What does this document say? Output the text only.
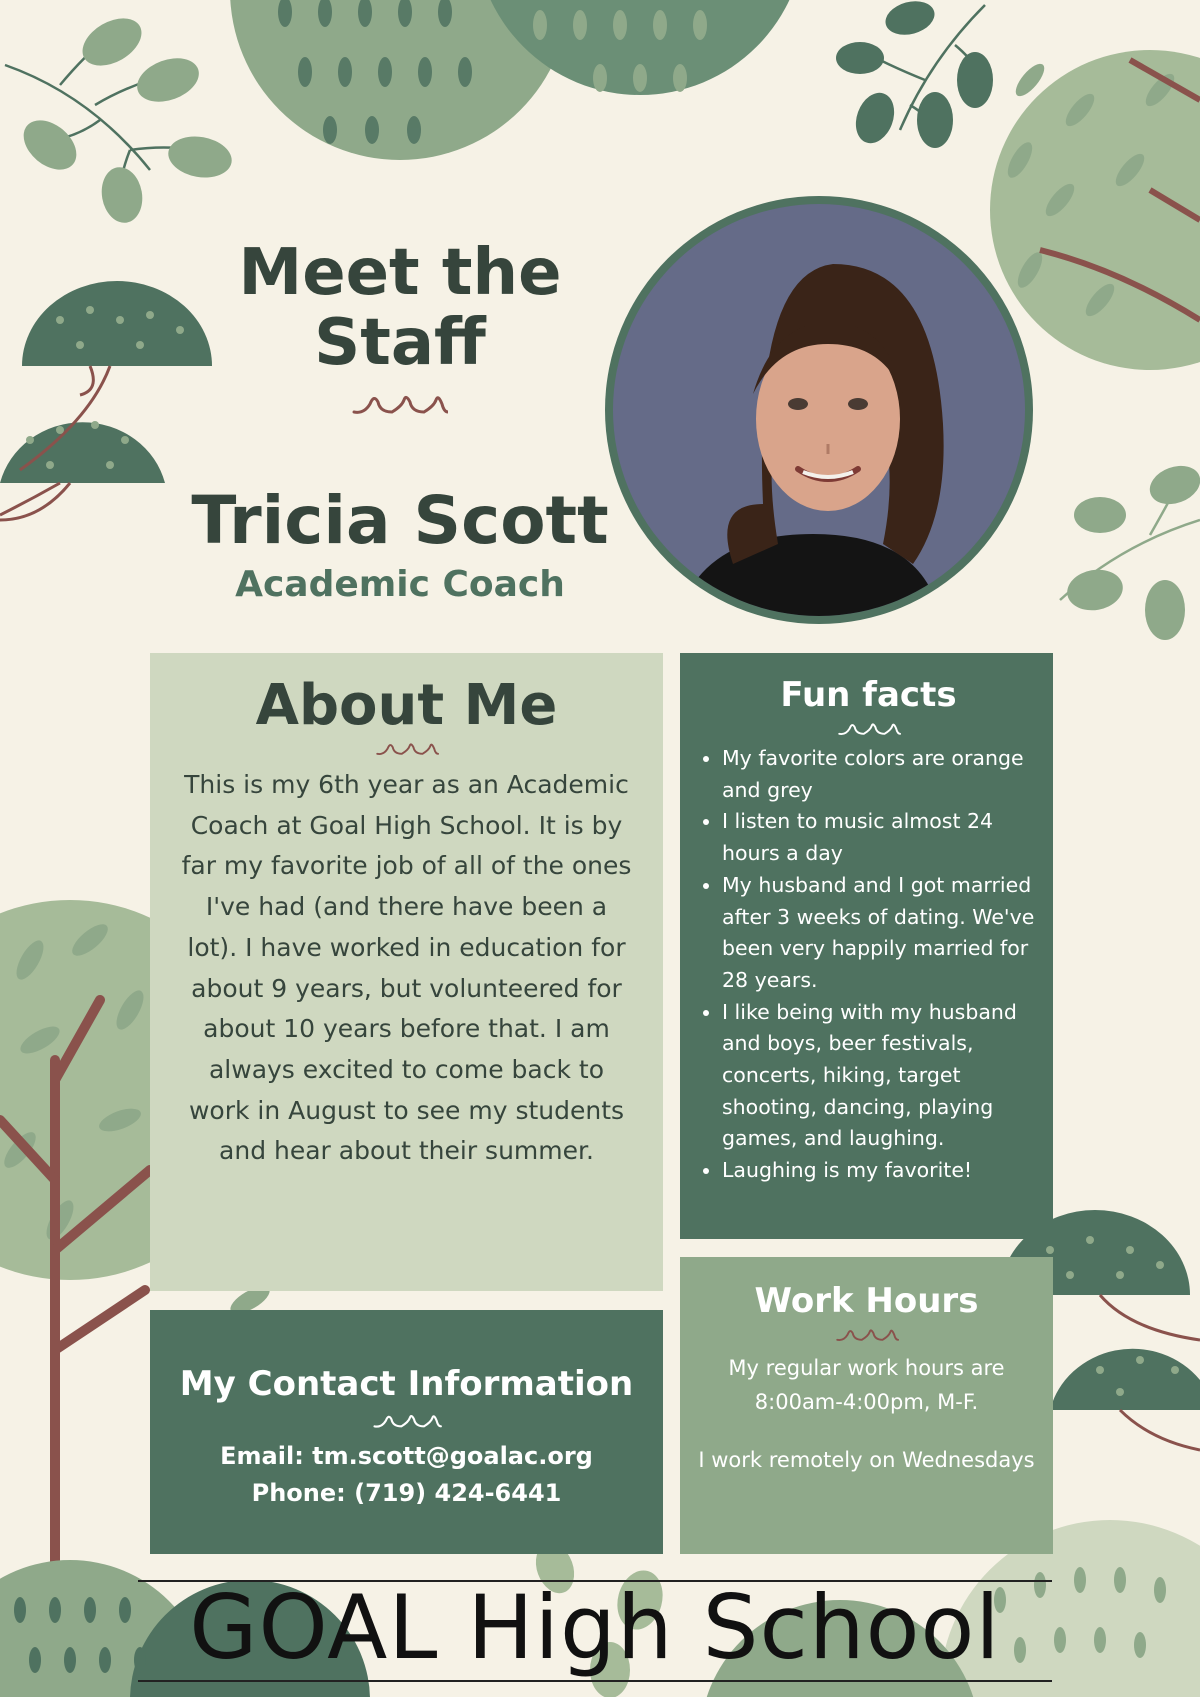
Meet the
Staff
Tricia Scott
Academic Coach
About Me

This is my 6th year as an Academic Coach at Goal High School. It is by far my favorite job of all of the ones I've had (and there have been a lot). I have worked in education for about 9 years, but volunteered for about 10 years before that. I am always excited to come back to work in August to see my students and hear about their summer.

Fun facts
• My favorite colors are orange and grey
• I listen to music almost 24 hours a day
• My husband and I got married after 3 weeks of dating. We've been very happily married for 28 years.
• I like being with my husband and boys, beer festivals, concerts, hiking, target shooting, dancing, playing games, and laughing.
• Laughing is my favorite!
Work Hours

My regular work hours are 8:00am-4:00pm, M-F.

I work remotely on Wednesdays

My Contact Information

Email: tm.scott@goalac.org

Phone: (719) 424-6441

GOAL High School
